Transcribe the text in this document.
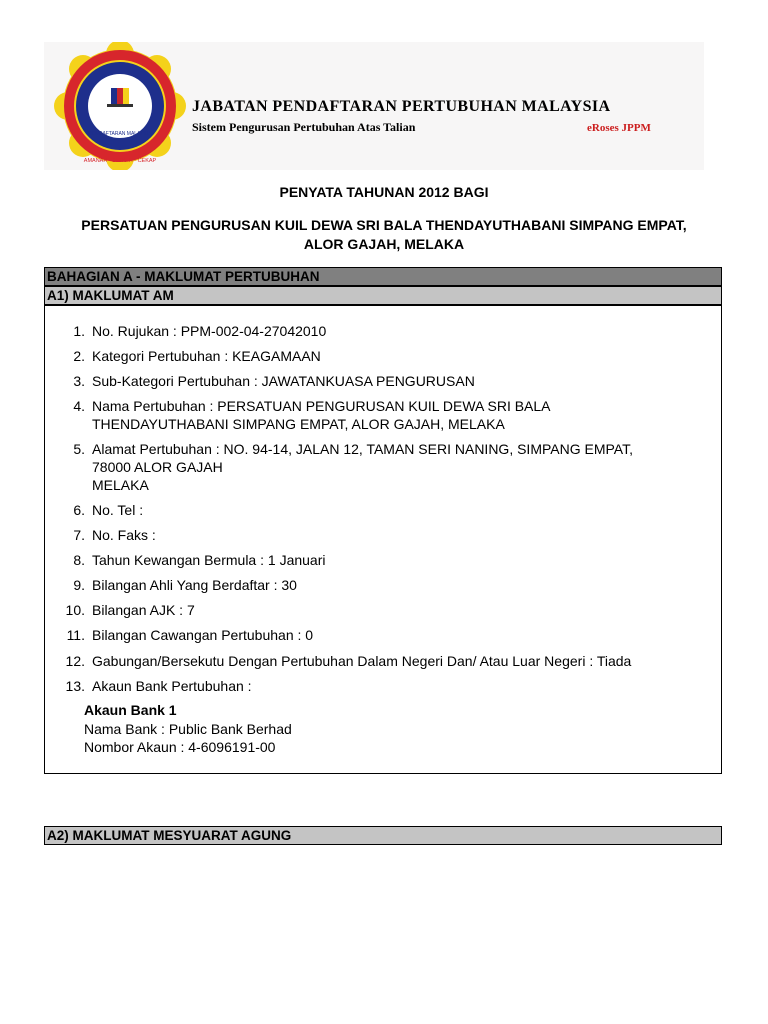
PENDAFTARAN MALAYSIA
AMANAH · BERSIH · CEKAP
JABATAN PENDAFTARAN PERTUBUHAN MALAYSIA
Sistem Pengurusan Pertubuhan Atas Talian	eRoses JPPM
PENYATA TAHUNAN 2012 BAGI
PERSATUAN PENGURUSAN KUIL DEWA SRI BALA THENDAYUTHABANI SIMPANG EMPAT, ALOR GAJAH, MELAKA
BAHAGIAN A - MAKLUMAT PERTUBUHAN
A1) MAKLUMAT AM
1. No. Rujukan : PPM-002-04-27042010
2. Kategori Pertubuhan : KEAGAMAAN
3. Sub-Kategori Pertubuhan : JAWATANKUASA PENGURUSAN
4. Nama Pertubuhan : PERSATUAN PENGURUSAN KUIL DEWA SRI BALA
THENDAYUTHABANI SIMPANG EMPAT, ALOR GAJAH, MELAKA
5. Alamat Pertubuhan : NO. 94-14, JALAN 12, TAMAN SERI NANING, SIMPANG EMPAT,
78000 ALOR GAJAH
MELAKA
6. No. Tel :
7. No. Faks :
8. Tahun Kewangan Bermula : 1 Januari
9. Bilangan Ahli Yang Berdaftar : 30
10. Bilangan AJK : 7
11. Bilangan Cawangan Pertubuhan : 0
12. Gabungan/Bersekutu Dengan Pertubuhan Dalam Negeri Dan/ Atau Luar Negeri : Tiada
13. Akaun Bank Pertubuhan :
Akaun Bank 1
Nama Bank : Public Bank Berhad
Nombor Akaun : 4-6096191-00
A2) MAKLUMAT MESYUARAT AGUNG
